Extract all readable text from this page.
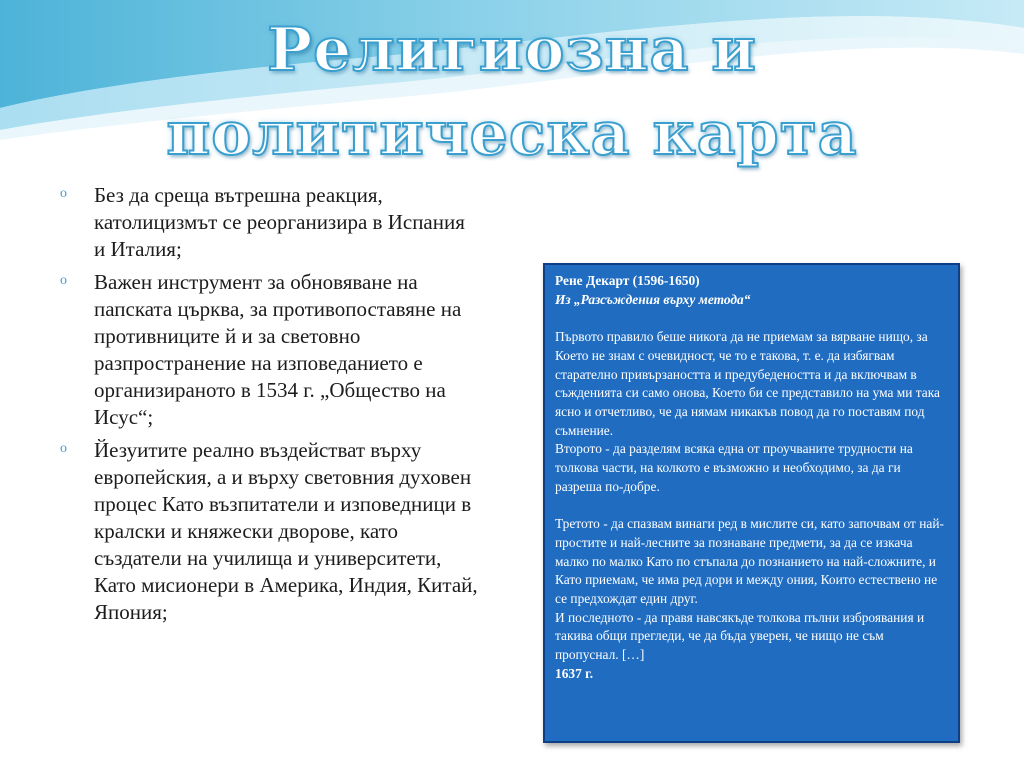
Религиозна и
политическа карта
o Без да среща вътрешна реакция, католицизмът се реорганизира в Испания и Италия;
o Важен инструмент за обновяване на папската църква, за противопоставяне на противниците й и за световно разпространение на изповеданието е организираното в 1534 г. „Общество на Исус“;
o Йезуитите реално въздействат върху европейския, а и върху световния духовен процес Като възпитатели и изповедници в кралски и княжески дворове, като създатели на училища и университети, Като мисионери в Америка, Индия, Китай, Япония;

Рене Декарт (1596-1650)

Из „Разсъждения върху метода“

Първото правило беше никога да не приемам за вярване нищо, за Което не знам с очевидност, че то е такова, т. е. да избягвам старателно привързаността и предубедеността и да включвам в съжденията си само онова, Което би се представило на ума ми така ясно и отчетливо, че да нямам никакъв повод да го поставям под съмнение.

Второто - да разделям всяка една от проучваните трудности на толкова части, на колкото е възможно и необходимо, за да ги разреша по-добре.

Третото - да спазвам винаги ред в мислите си, като започвам от най-простите и най-лесните за познаване предмети, за да се изкача малко по малко Като по стъпала до познанието на най-сложните, и Като приемам, че има ред дори и между ония, Които естествено не се предхождат един друг.

И последното - да правя навсякъде толкова пълни изброявания и такива общи прегледи, че да бъда уверен, че нищо не съм пропуснал. […]

1637 г.
